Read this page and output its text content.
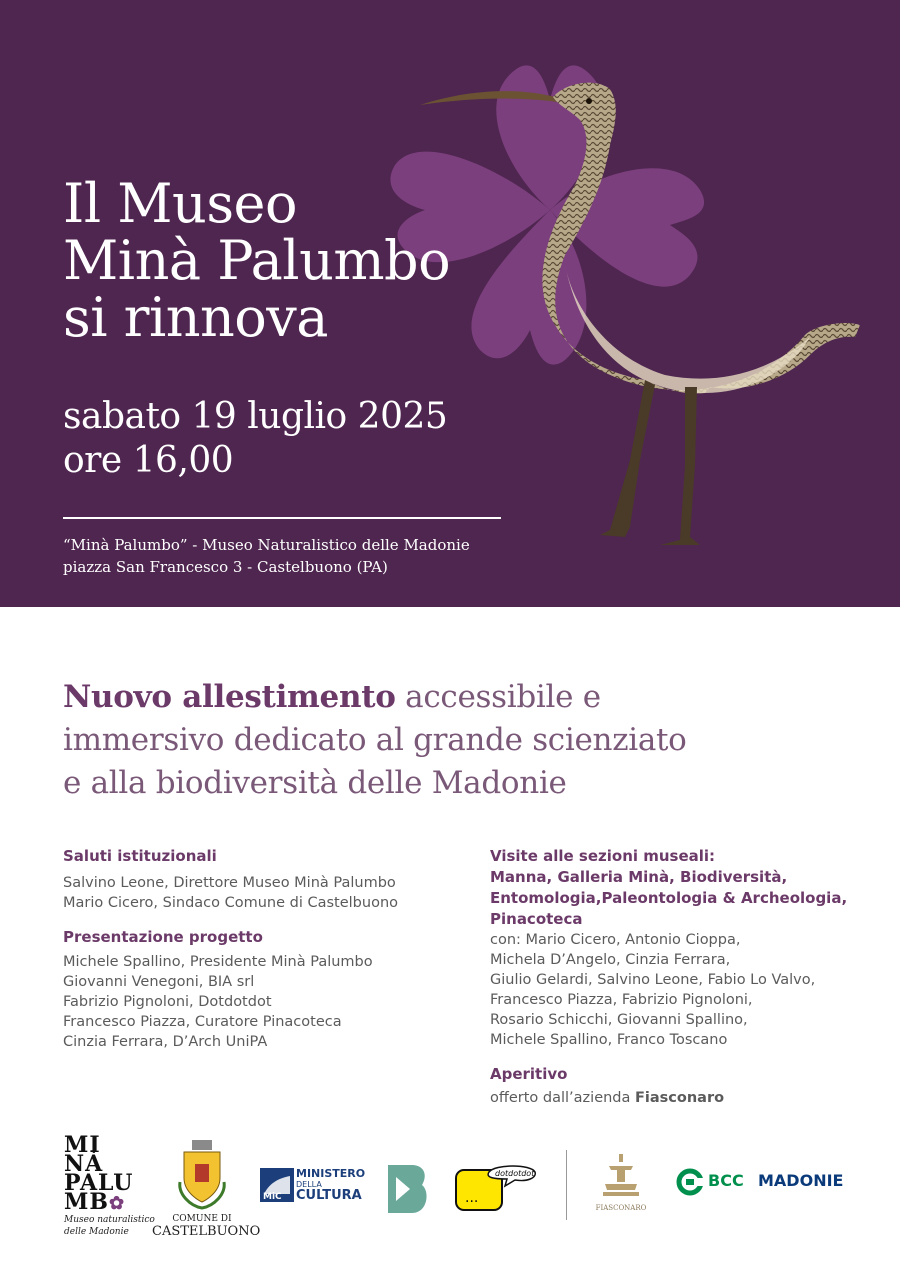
Il Museo
Minà Palumbo
si rinnova
sabato 19 luglio 2025
ore 16,00
“Minà Palumbo” - Museo Naturalistico delle Madonie
piazza San Francesco 3 - Castelbuono (PA)
Nuovo allestimento accessibile e
immersivo dedicato al grande scienziato
e alla biodiversità delle Madonie
Saluti istituzionali
Salvino Leone, Direttore Museo Minà Palumbo
Mario Cicero, Sindaco Comune di Castelbuono
Presentazione progetto
Michele Spallino, Presidente Minà Palumbo
Giovanni Venegoni, BIA srl
Fabrizio Pignoloni, Dotdotdot
Francesco Piazza, Curatore Pinacoteca
Cinzia Ferrara, D’Arch UniPA
Visite alle sezioni museali:
Manna, Galleria Minà, Biodiversità,
Entomologia,Paleontologia & Archeologia,
Pinacoteca
con: Mario Cicero, Antonio Cioppa,
Michela D’Angelo, Cinzia Ferrara,
Giulio Gelardi, Salvino Leone, Fabio Lo Valvo,
Francesco Piazza, Fabrizio Pignoloni,
Rosario Schicchi, Giovanni Spallino,
Michele Spallino, Franco Toscano
Aperitivo
offerto dall’azienda Fiasconaro
MI
NÀ
PALU
MB✿
Museo naturalistico
delle Madonie
COMUNE DI
CASTELBUONO
MiC
MINISTERO
DELLA
CULTURA
dotdotdot
...
FIASCONARO
BCC MADONIE
